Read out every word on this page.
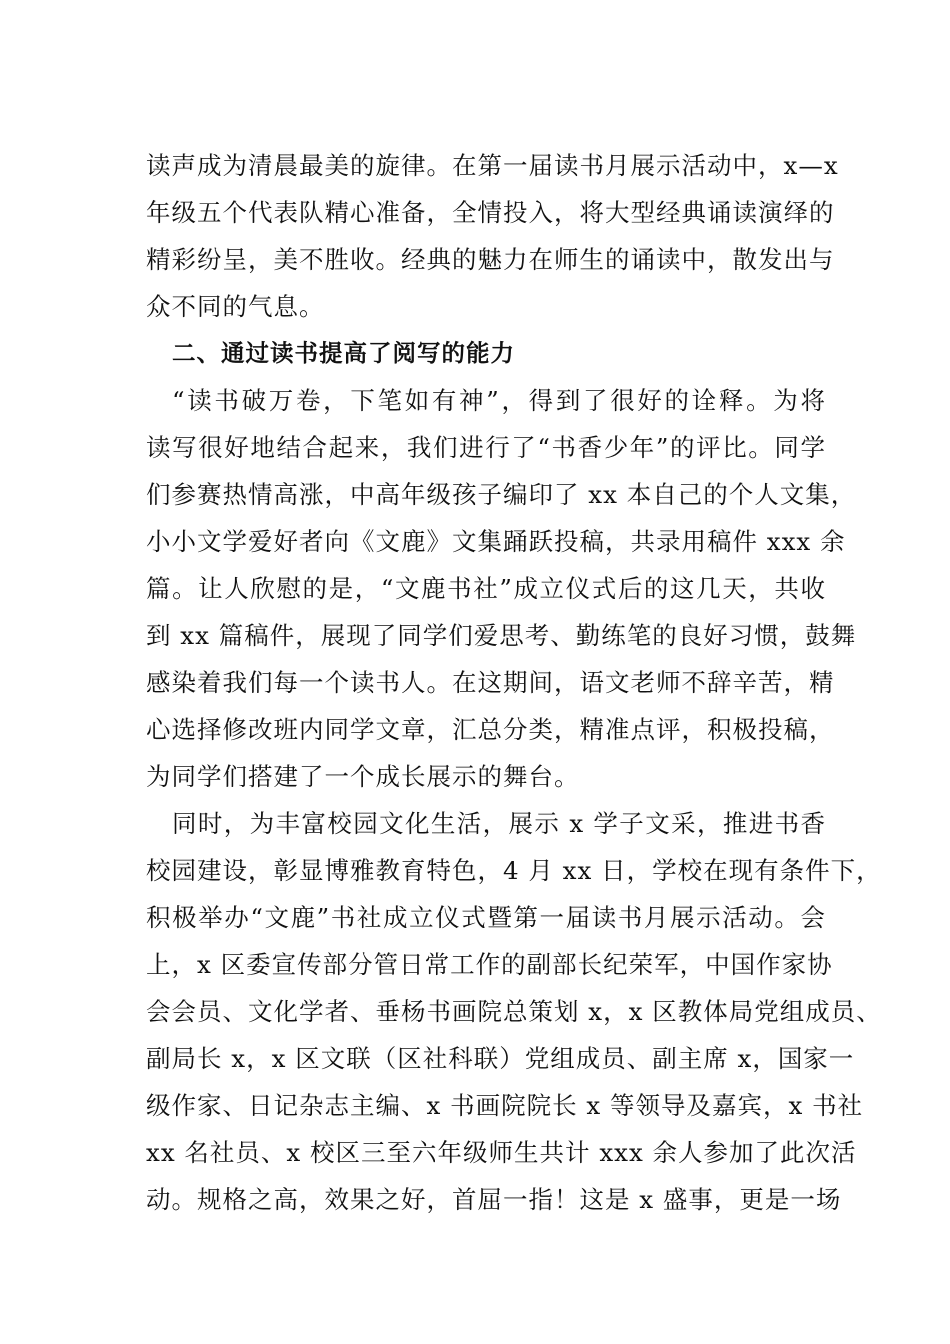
读声成为清晨最美的旋律。在第一届读书月展示活动中，x—x
年级五个代表队精心准备，全情投入，将大型经典诵读演绎的
精彩纷呈，美不胜收。经典的魅力在师生的诵读中，散发出与
众不同的气息。
二、通过读书提高了阅写的能力
“读书破万卷，下笔如有神”，得到了很好的诠释。为将
读写很好地结合起来，我们进行了“书香少年”的评比。同学
们参赛热情高涨，中高年级孩子编印了 xx 本自己的个人文集，
小小文学爱好者向《文鹿》文集踊跃投稿，共录用稿件 xxx 余
篇。让人欣慰的是，“文鹿书社”成立仪式后的这几天，共收
到 xx 篇稿件，展现了同学们爱思考、勤练笔的良好习惯，鼓舞
感染着我们每一个读书人。在这期间，语文老师不辞辛苦，精
心选择修改班内同学文章，汇总分类，精准点评，积极投稿，
为同学们搭建了一个成长展示的舞台。
同时，为丰富校园文化生活，展示 x 学子文采，推进书香
校园建设，彰显博雅教育特色，4 月 xx 日，学校在现有条件下，
积极举办“文鹿”书社成立仪式暨第一届读书月展示活动。会
上，x 区委宣传部分管日常工作的副部长纪荣军，中国作家协
会会员、文化学者、垂杨书画院总策划 x，x 区教体局党组成员、
副局长 x，x 区文联（区社科联）党组成员、副主席 x，国家一
级作家、日记杂志主编、x 书画院院长 x 等领导及嘉宾，x 书社
xx 名社员、x 校区三至六年级师生共计 xxx 余人参加了此次活
动。规格之高，效果之好，首屈一指！这是 x 盛事，更是一场
